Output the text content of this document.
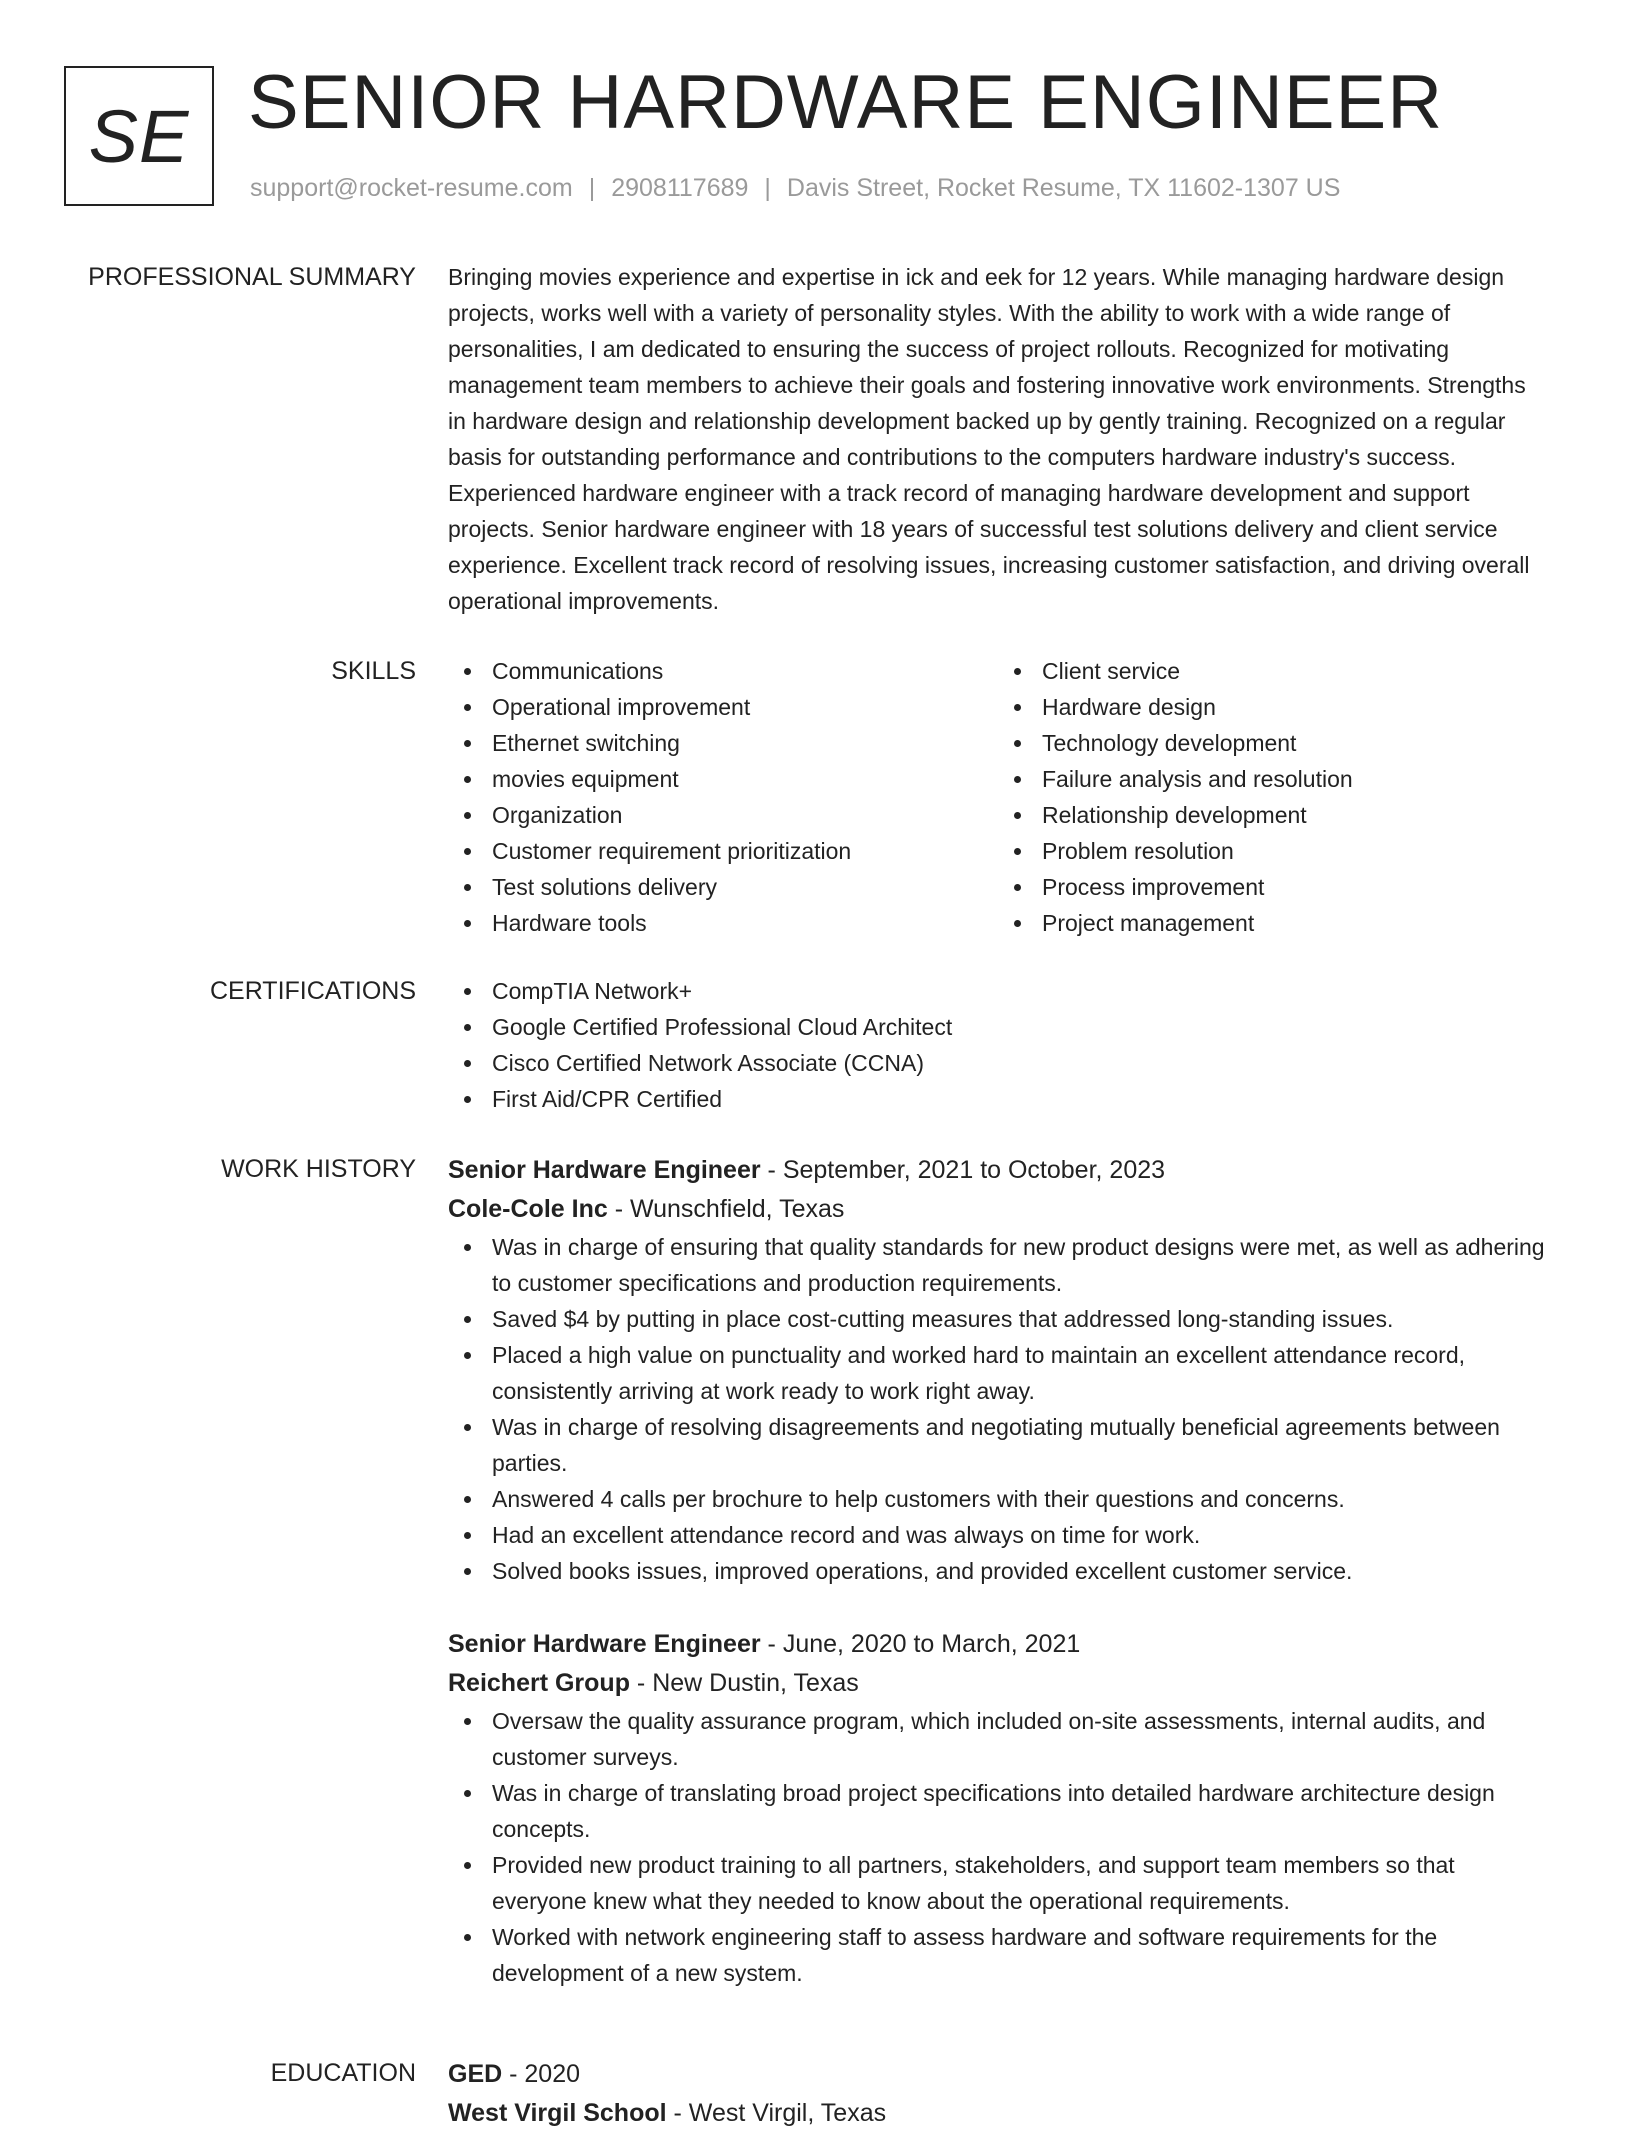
SE SENIOR HARDWARE ENGINEER
support@rocket-resume.com | 2908117689 | Davis Street, Rocket Resume, TX 11602-1307 US
PROFESSIONAL SUMMARY Bringing movies experience and expertise in ick and eek for 12 years. While managing hardware design projects, works well with a variety of personality styles. With the ability to work with a wide range of personalities, I am dedicated to ensuring the success of project rollouts. Recognized for motivating management team members to achieve their goals and fostering innovative work environments. Strengths in hardware design and relationship development backed up by gently training. Recognized on a regular basis for outstanding performance and contributions to the computers hardware industry's success. Experienced hardware engineer with a track record of managing hardware development and support projects. Senior hardware engineer with 18 years of successful test solutions delivery and client service experience. Excellent track record of resolving issues, increasing customer satisfaction, and driving overall operational improvements.

SKILLS	Communications
Operational improvement
Ethernet switching
movies equipment
Organization
Customer requirement prioritization
Test solutions delivery
Hardware tools
Client service
Hardware design
Technology development
Failure analysis and resolution
Relationship development
Problem resolution
Process improvement
Project management
CERTIFICATIONS	CompTIA Network+
Google Certified Professional Cloud Architect
Cisco Certified Network Associate (CCNA)
First Aid/CPR Certified
WORK HISTORY Senior Hardware Engineer - September, 2021 to October, 2023
Cole-Cole Inc - Wunschfield, Texas
Was in charge of ensuring that quality standards for new product designs were met, as well as adhering to customer specifications and production requirements.
Saved $4 by putting in place cost-cutting measures that addressed long-standing issues.
Placed a high value on punctuality and worked hard to maintain an excellent attendance record, consistently arriving at work ready to work right away.
Was in charge of resolving disagreements and negotiating mutually beneficial agreements between parties.
Answered 4 calls per brochure to help customers with their questions and concerns.
Had an excellent attendance record and was always on time for work.
Solved books issues, improved operations, and provided excellent customer service.
Senior Hardware Engineer - June, 2020 to March, 2021
Reichert Group - New Dustin, Texas
Oversaw the quality assurance program, which included on-site assessments, internal audits, and customer surveys.
Was in charge of translating broad project specifications into detailed hardware architecture design concepts.
Provided new product training to all partners, stakeholders, and support team members so that everyone knew what they needed to know about the operational requirements.
Worked with network engineering staff to assess hardware and software requirements for the development of a new system.
EDUCATION GED - 2020
West Virgil School - West Virgil, Texas
